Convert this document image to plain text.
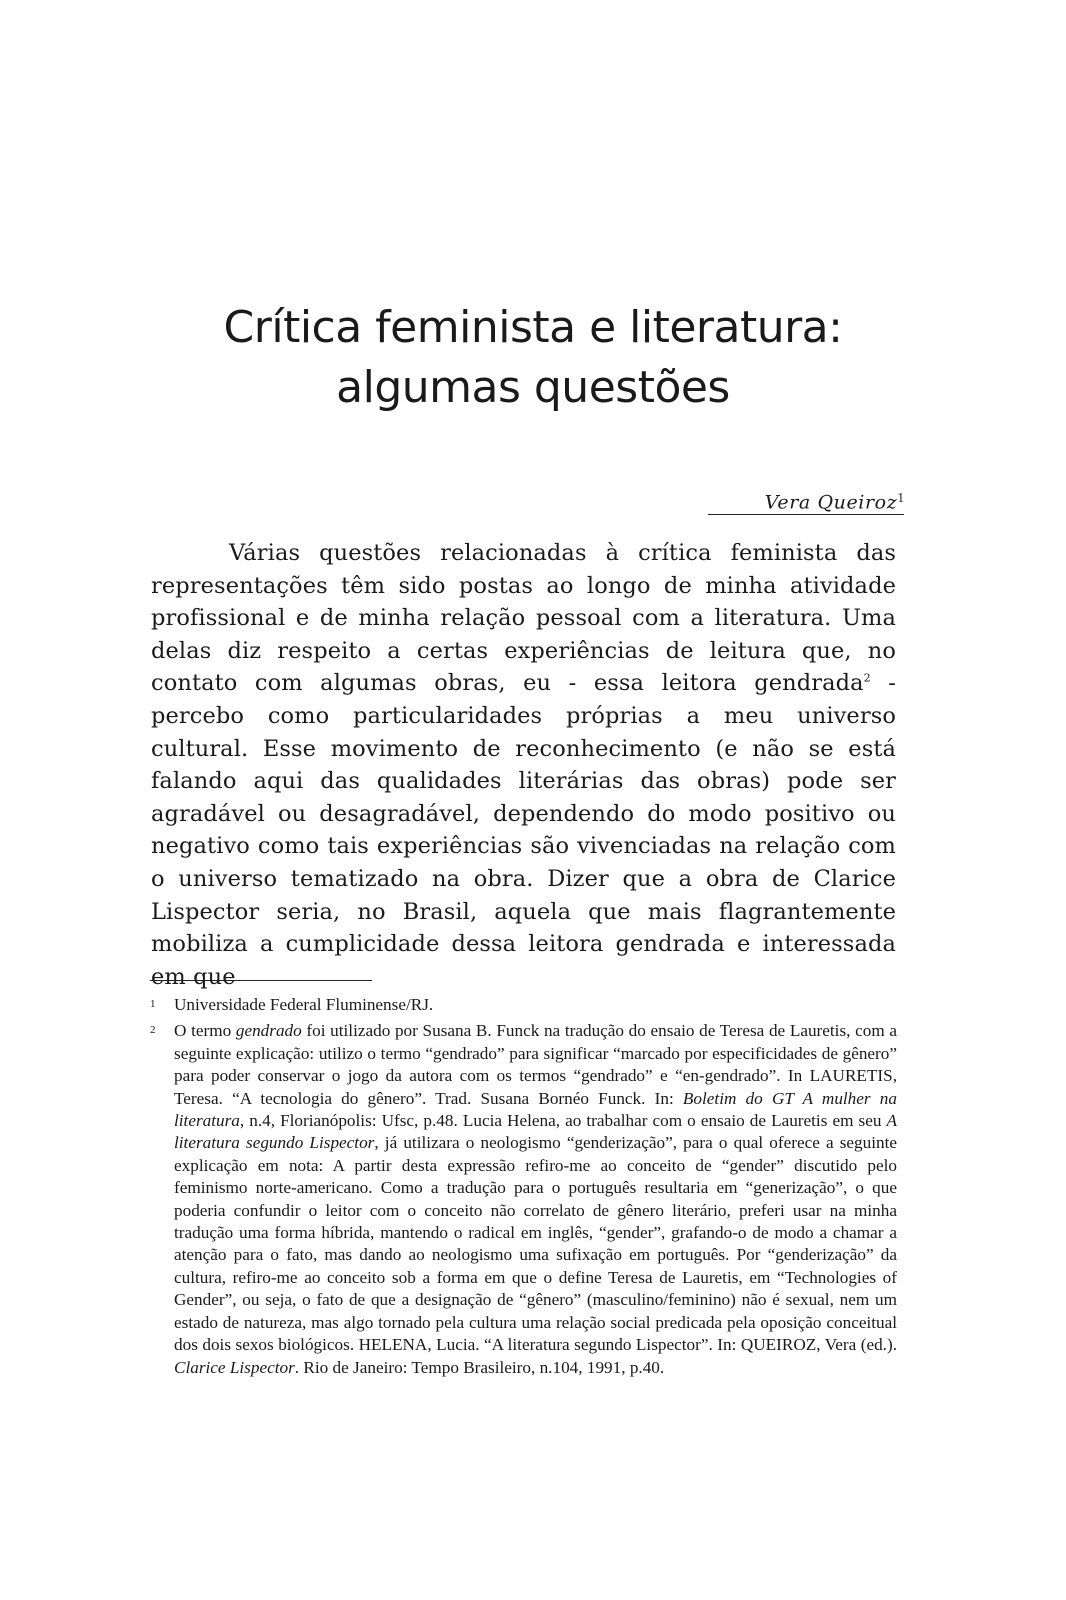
Crítica feminista e literatura:
algumas questões
Vera Queiroz$^1$

Várias questões relacionadas à crítica feminista das representações têm sido postas ao longo de minha atividade profissional e de minha relação pessoal com a literatura. Uma delas diz respeito a certas experiências de leitura que, no contato com algumas obras, eu - essa leitora gendrada$^2$ - percebo como particularidades próprias a meu universo cultural. Esse movimento de reconhecimento (e não se está falando aqui das qualidades literárias das obras) pode ser agradável ou desagradável, dependendo do modo positivo ou negativo como tais experiências são vivenciadas na relação com o universo tematizado na obra. Dizer que a obra de Clarice Lispector seria, no Brasil, aquela que mais flagrantemente mobiliza a cumplicidade dessa leitora gendrada e interessada em que

1 Universidade Federal Fluminense/RJ.

2 O termo gendrado foi utilizado por Susana B. Funck na tradução do ensaio de Teresa de Lauretis, com a seguinte explicação: utilizo o termo “gendrado” para significar “marcado por especificidades de gênero” para poder conservar o jogo da autora com os termos “gendrado” e “en-gendrado”. In LAURETIS, Teresa. “A tecnologia do gênero”. Trad. Susana Bornéo Funck. In: Boletim do GT A mulher na literatura, n.4, Florianópolis: Ufsc, p.48. Lucia Helena, ao trabalhar com o ensaio de Lauretis em seu A literatura segundo Lispector, já utilizara o neologismo “genderização”, para o qual oferece a seguinte explicação em nota: A partir desta expressão refiro-me ao conceito de “gender” discutido pelo feminismo norte-americano. Como a tradução para o português resultaria em “generização”, o que poderia confundir o leitor com o conceito não correlato de gênero literário, preferi usar na minha tradução uma forma híbrida, mantendo o radical em inglês, “gender”, grafando-o de modo a chamar a atenção para o fato, mas dando ao neologismo uma sufixação em português. Por “genderização” da cultura, refiro-me ao conceito sob a forma em que o define Teresa de Lauretis, em “Technologies of Gender”, ou seja, o fato de que a designação de “gênero” (masculino/feminino) não é sexual, nem um estado de natureza, mas algo tornado pela cultura uma relação social predicada pela oposição conceitual dos dois sexos biológicos. HELENA, Lucia. “A literatura segundo Lispector”. In: QUEIROZ, Vera (ed.). Clarice Lispector. Rio de Janeiro: Tempo Brasileiro, n.104, 1991, p.40.
